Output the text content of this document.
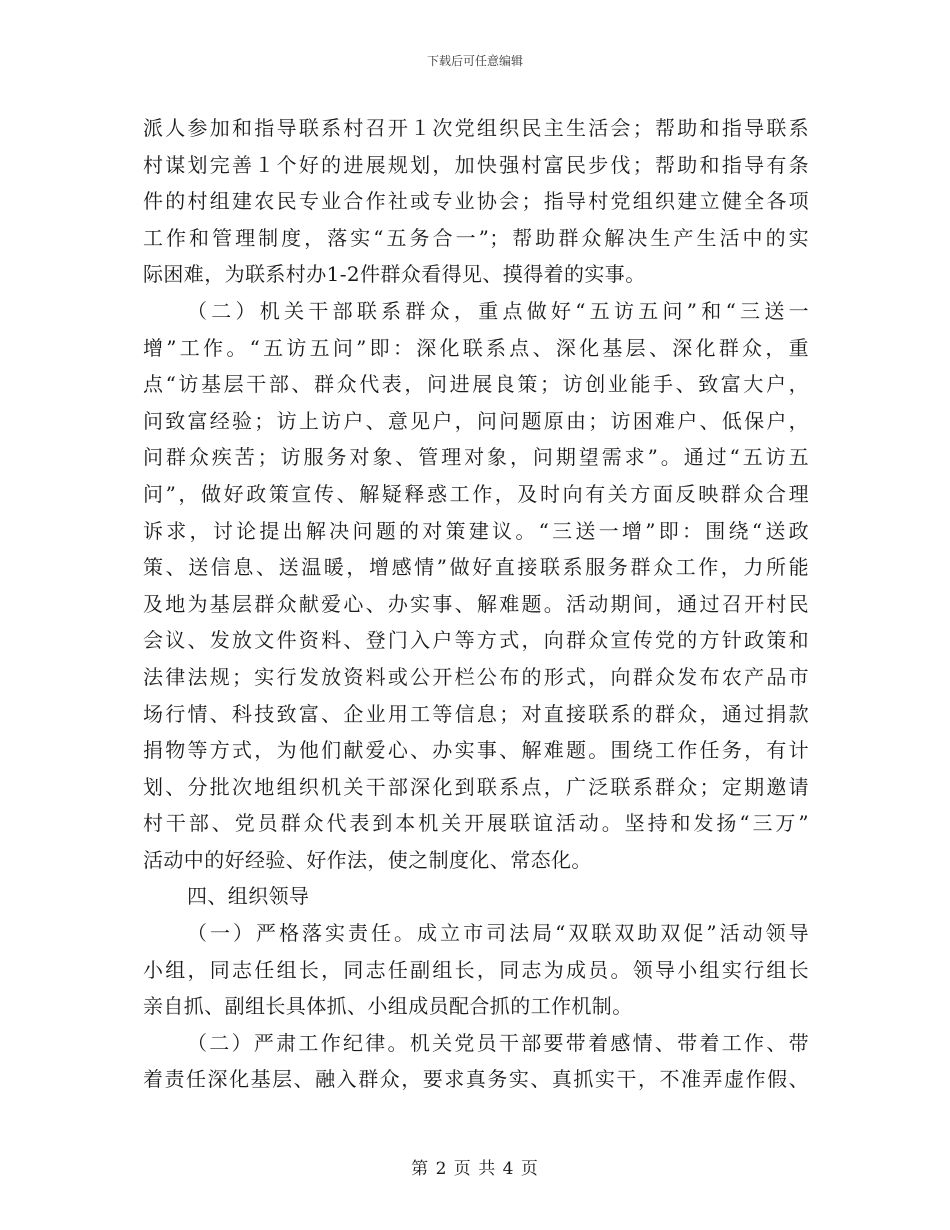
下载后可任意编辑
派人参加和指导联系村召开１次党组织民主生活会；帮助和指导联系
村谋划完善１个好的进展规划，加快强村富民步伐；帮助和指导有条
件的村组建农民专业合作社或专业协会；指导村党组织建立健全各项
工作和管理制度，落实“五务合一”；帮助群众解决生产生活中的实
际困难，为联系村办1-2件群众看得见、摸得着的实事。
（二）机关干部联系群众，重点做好“五访五问”和“三送一
增”工作。“五访五问”即：深化联系点、深化基层、深化群众，重
点“访基层干部、群众代表，问进展良策；访创业能手、致富大户，
问致富经验；访上访户、意见户，问问题原由；访困难户、低保户，
问群众疾苦；访服务对象、管理对象，问期望需求”。通过“五访五
问”，做好政策宣传、解疑释惑工作，及时向有关方面反映群众合理
诉求，讨论提出解决问题的对策建议。“三送一增”即：围绕“送政
策、送信息、送温暖，增感情”做好直接联系服务群众工作，力所能
及地为基层群众献爱心、办实事、解难题。活动期间，通过召开村民
会议、发放文件资料、登门入户等方式，向群众宣传党的方针政策和
法律法规；实行发放资料或公开栏公布的形式，向群众发布农产品市
场行情、科技致富、企业用工等信息；对直接联系的群众，通过捐款
捐物等方式，为他们献爱心、办实事、解难题。围绕工作任务，有计
划、分批次地组织机关干部深化到联系点，广泛联系群众；定期邀请
村干部、党员群众代表到本机关开展联谊活动。坚持和发扬“三万”
活动中的好经验、好作法，使之制度化、常态化。
四、组织领导
（一）严格落实责任。成立市司法局“双联双助双促”活动领导
小组，同志任组长，同志任副组长，同志为成员。领导小组实行组长
亲自抓、副组长具体抓、小组成员配合抓的工作机制。
（二）严肃工作纪律。机关党员干部要带着感情、带着工作、带
着责任深化基层、融入群众，要求真务实、真抓实干，不准弄虚作假、
第 2 页 共 4 页
